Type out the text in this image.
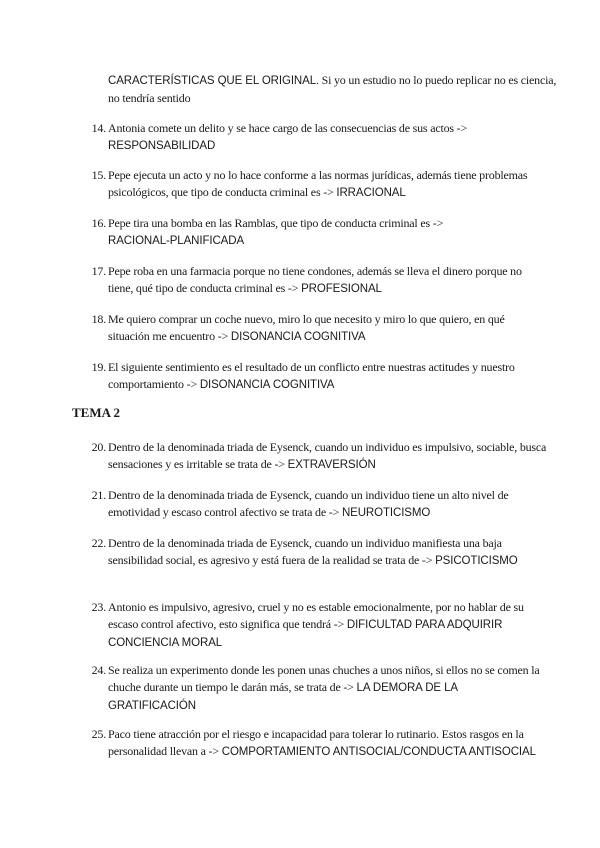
CARACTERÍSTICAS QUE EL ORIGINAL. Si yo un estudio no lo puedo replicar no es ciencia, no tendría sentido
14. Antonia comete un delito y se hace cargo de las consecuencias de sus actos -> RESPONSABILIDAD
15. Pepe ejecuta un acto y no lo hace conforme a las normas jurídicas, además tiene problemas psicológicos, que tipo de conducta criminal es -> IRRACIONAL
16. Pepe tira una bomba en las Ramblas, que tipo de conducta criminal es -> RACIONAL-PLANIFICADA
17. Pepe roba en una farmacia porque no tiene condones, además se lleva el dinero porque no tiene, qué tipo de conducta criminal es -> PROFESIONAL
18. Me quiero comprar un coche nuevo, miro lo que necesito y miro lo que quiero, en qué situación me encuentro -> DISONANCIA COGNITIVA
19. El siguiente sentimiento es el resultado de un conflicto entre nuestras actitudes y nuestro comportamiento -> DISONANCIA COGNITIVA
TEMA 2
20. Dentro de la denominada triada de Eysenck, cuando un individuo es impulsivo, sociable, busca sensaciones y es irritable se trata de -> EXTRAVERSIÓN
21. Dentro de la denominada triada de Eysenck, cuando un individuo tiene un alto nivel de emotividad y escaso control afectivo se trata de -> NEUROTICISMO
22. Dentro de la denominada triada de Eysenck, cuando un individuo manifiesta una baja sensibilidad social, es agresivo y está fuera de la realidad se trata de -> PSICOTICISMO
23. Antonio es impulsivo, agresivo, cruel y no es estable emocionalmente, por no hablar de su escaso control afectivo, esto significa que tendrá -> DIFICULTAD PARA ADQUIRIR CONCIENCIA MORAL
24. Se realiza un experimento donde les ponen unas chuches a unos niños, si ellos no se comen la chuche durante un tiempo le darán más, se trata de -> LA DEMORA DE LA GRATIFICACIÓN
25. Paco tiene atracción por el riesgo e incapacidad para tolerar lo rutinario. Estos rasgos en la personalidad llevan a -> COMPORTAMIENTO ANTISOCIAL/CONDUCTA ANTISOCIAL
